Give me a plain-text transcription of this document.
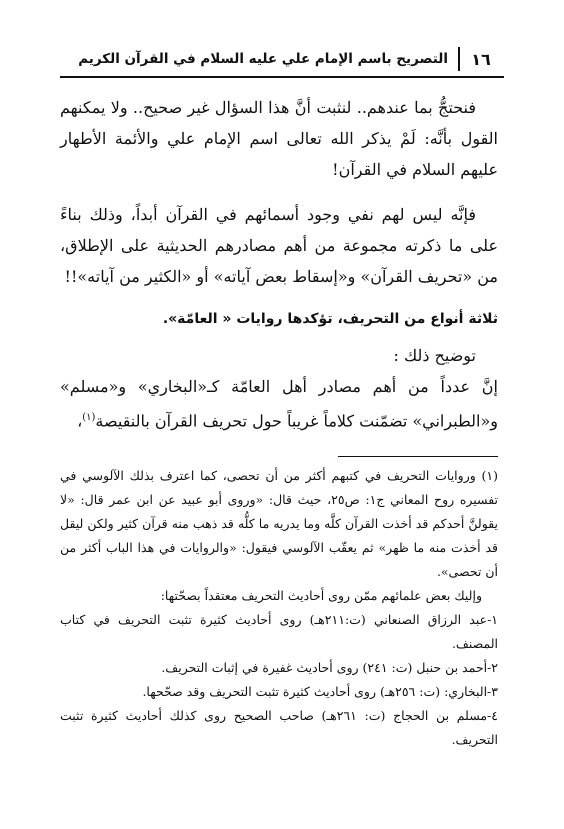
١٦
التصريح باسم الإمام علي عليه السلام في القرآن الكريم

فنحتجُّ بما عندهم.. لنثبت أنَّ هذا السؤال غير صحيح.. ولا يمكنهم القول بأنَّه: لَمْ يذكر الله تعالى اسم الإمام علي والأئمة الأطهار عليهم السلام في القرآن!

فإنَّه ليس لهم نفي وجود أسمائهم في القرآن أبداً، وذلك بناءً على ما ذكرته مجموعة من أهم مصادرهم الحديثية على الإطلاق، من «تحريف القرآن» و«إسقاط بعض آياته» أو «الكثير من آياته»!!

ثلاثة أنواع من التحريف، تؤكدها روايات « العامّة».

توضيح ذلك :

إنَّ عدداً من أهم مصادر أهل العامّة كـ«البخاري» و«مسلم» و«الطبراني» تضمّنت كلاماً غريباً حول تحريف القرآن بالنقيصة$^{(١)}$،

(١) وروايات التحريف في كتبهم أكثر من أن تحصى، كما اعترف بذلك الآلوسي في تفسيره روح المعاني ج١: ص٢٥، حيث قال: «وروى أبو عبيد عن ابن عمر قال: «لا يقولنَّ أحدكم قد أخذت القرآن كلَّه وما يدريه ما كلُّه قد ذهب منه قرآن كثير ولكن ليقل قد أخذت منه ما ظهر» ثم يعقّب الآلوسي فيقول: «والروايات في هذا الباب أكثر من أن تحصى».

وإليك بعض علمائهم ممّن روى أحاديث التحريف معتقداً بصحّتها:

١-عبد الرزاق الصنعاني (ت:٢١١هـ) روى أحاديث كثيرة تثبت التحريف في كتاب المصنف.

٢-أحمد بن حنبل (ت: ٢٤١) روى أحاديث غفيرة في إثبات التحريف.

٣-البخاري: (ت: ٢٥٦هـ) روى أحاديث كثيرة تثبت التحريف وقد صحّحها.

٤-مسلم بن الحجاج (ت: ٢٦١هـ) صاحب الصحيح روى كذلك أحاديث كثيرة تثبت التحريف.
